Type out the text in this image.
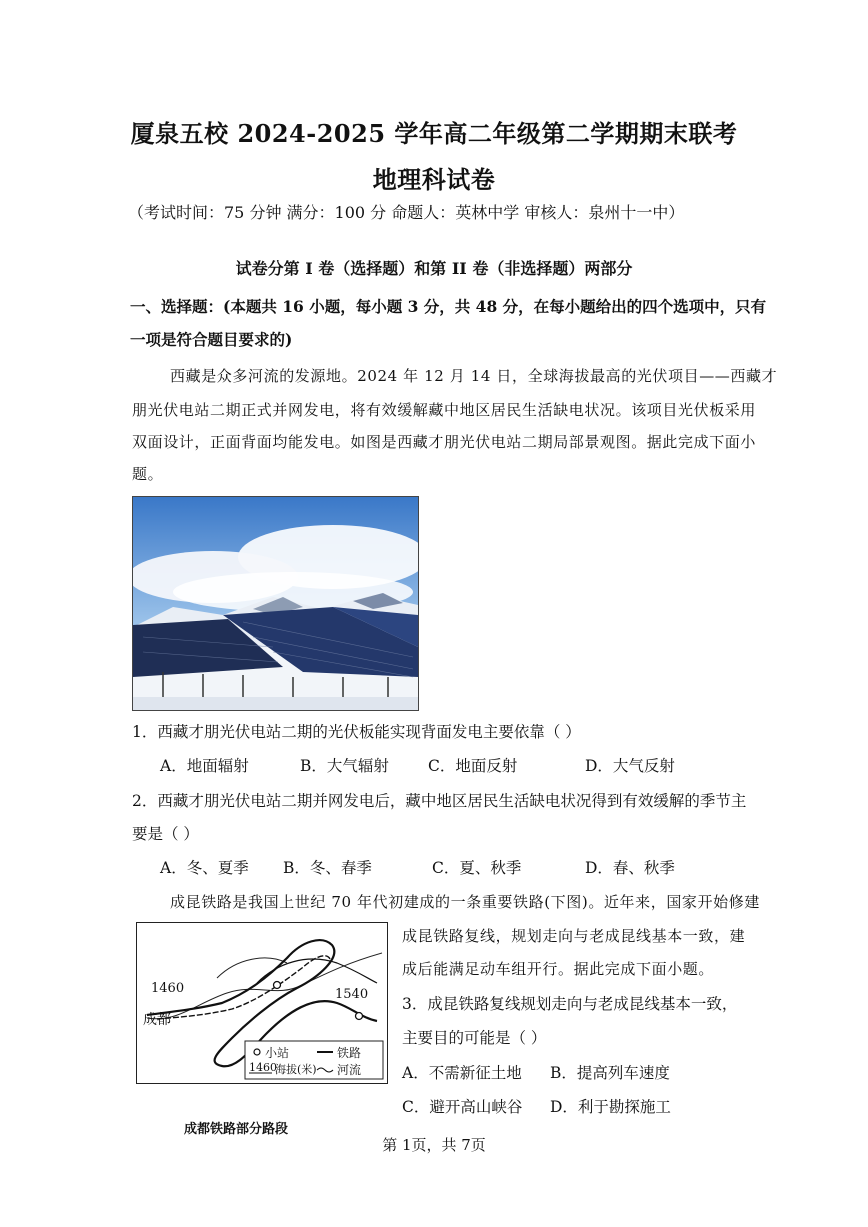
厦泉五校 2024-2025 学年高二年级第二学期期末联考
地理科试卷
（考试时间：75 分钟 满分：100 分 命题人：英林中学 审核人：泉州十一中）
试卷分第 I 卷（选择题）和第 II 卷（非选择题）两部分
一、选择题：(本题共 16 小题，每小题 3 分，共 48 分，在每小题给出的四个选项中，只有
一项是符合题目要求的)
西藏是众多河流的发源地。2024 年 12 月 14 日，全球海拔最高的光伏项目——西藏才
朋光伏电站二期正式并网发电，将有效缓解藏中地区居民生活缺电状况。该项目光伏板采用
双面设计，正面背面均能发电。如图是西藏才朋光伏电站二期局部景观图。据此完成下面小
题。
1．西藏才朋光伏电站二期的光伏板能实现背面发电主要依靠（ ）
A．地面辐射	B．大气辐射	C．地面反射	D．大气反射
2．西藏才朋光伏电站二期并网发电后，藏中地区居民生活缺电状况得到有效缓解的季节主
要是（ ）
A．冬、夏季 B．冬、春季	C．夏、秋季	D．春、秋季
成昆铁路是我国上世纪 70 年代初建成的一条重要铁路(下图)。近年来，国家开始修建
成昆铁路复线，规划走向与老成昆线基本一致，建
成后能满足动车组开行。据此完成下面小题。
1460	1540
成都
小站	铁路
1460
海拔(米) 河流
成都铁路部分路段
3．成昆铁路复线规划走向与老成昆线基本一致，
主要目的可能是（ ）
A．不需新征土地 B．提高列车速度
C．避开高山峡谷 D．利于勘探施工
第 1页，共 7页
